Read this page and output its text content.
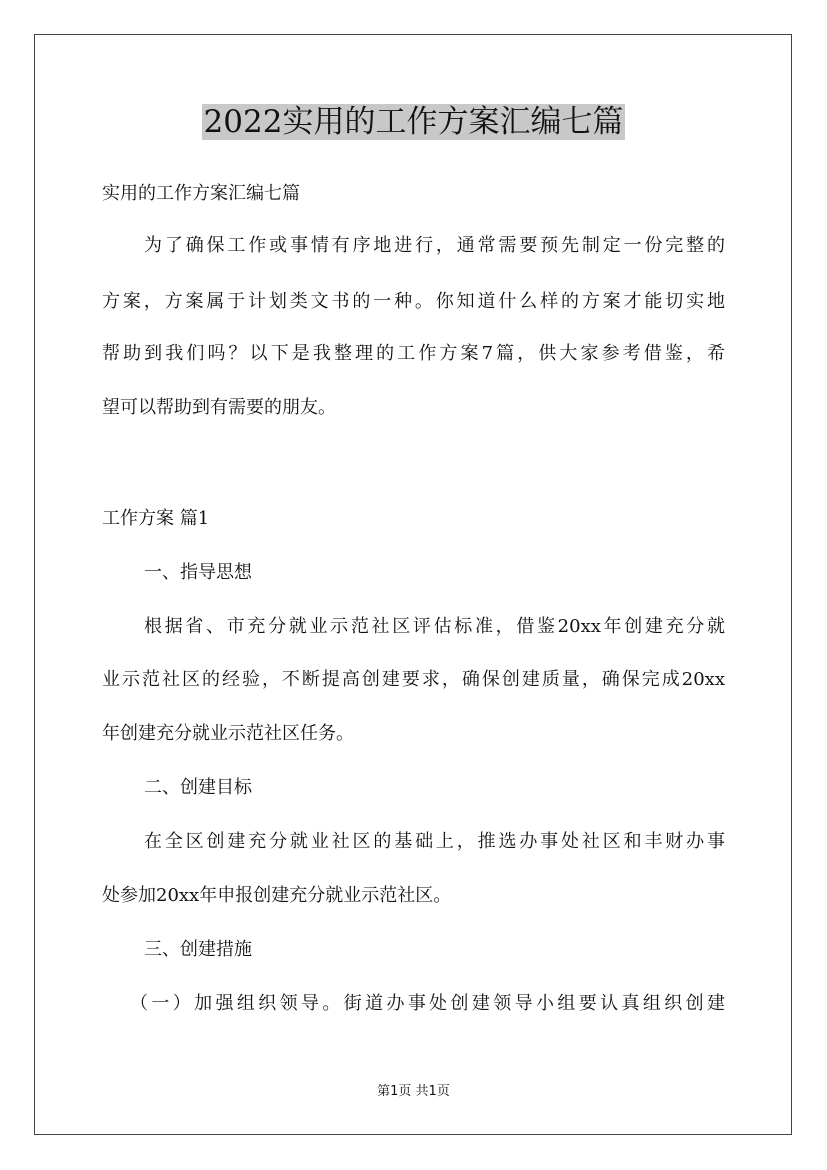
2022实用的工作方案汇编七篇

实用的工作方案汇编七篇

为了确保工作或事情有序地进行，通常需要预先制定一份完整的

方案，方案属于计划类文书的一种。你知道什么样的方案才能切实地

帮助到我们吗？以下是我整理的工作方案7篇，供大家参考借鉴，希

望可以帮助到有需要的朋友。

工作方案 篇1

一、指导思想

根据省、市充分就业示范社区评估标准，借鉴20xx年创建充分就

业示范社区的经验，不断提高创建要求，确保创建质量，确保完成20xx

年创建充分就业示范社区任务。

二、创建目标

在全区创建充分就业社区的基础上，推选办事处社区和丰财办事

处参加20xx年申报创建充分就业示范社区。

三、创建措施

（一）加强组织领导。街道办事处创建领导小组要认真组织创建

第1页 共1页
